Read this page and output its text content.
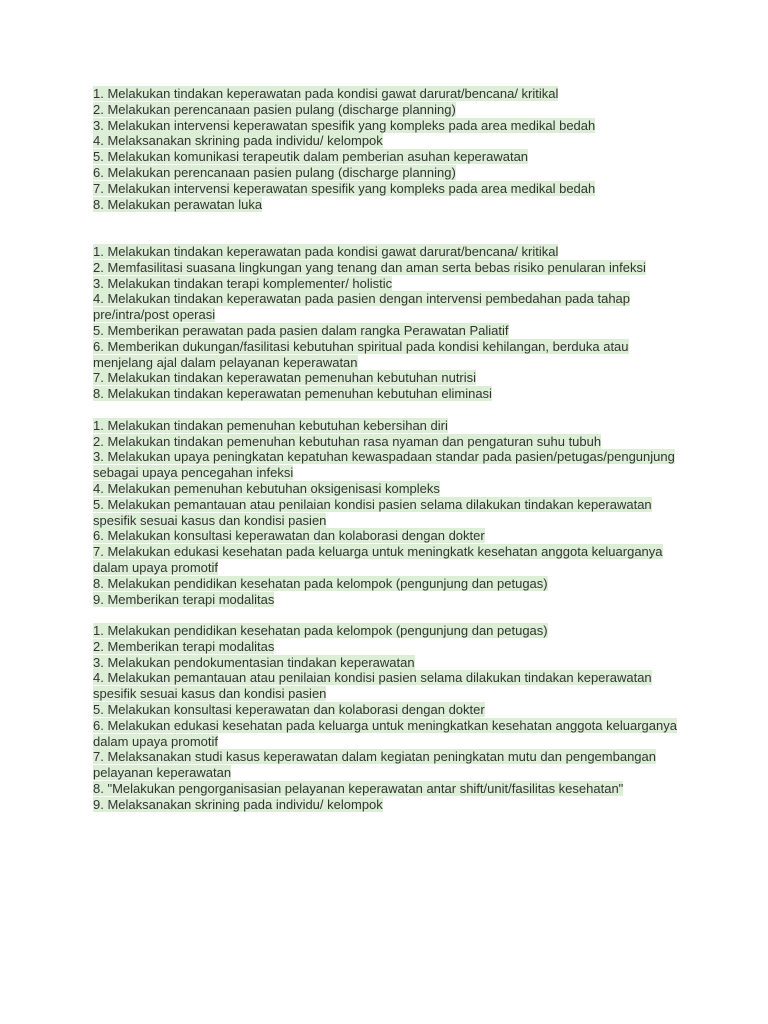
1. Melakukan tindakan keperawatan pada kondisi gawat darurat/bencana/ kritikal
2. Melakukan perencanaan pasien pulang (discharge planning)
3. Melakukan intervensi keperawatan spesifik yang kompleks pada area medikal bedah
4. Melaksanakan skrining pada individu/ kelompok
5. Melakukan komunikasi terapeutik dalam pemberian asuhan keperawatan
6. Melakukan perencanaan pasien pulang (discharge planning)
7. Melakukan intervensi keperawatan spesifik yang kompleks pada area medikal bedah
8. Melakukan perawatan luka
1. Melakukan tindakan keperawatan pada kondisi gawat darurat/bencana/ kritikal
2. Memfasilitasi suasana lingkungan yang tenang dan aman serta bebas risiko penularan infeksi
3. Melakukan tindakan terapi komplementer/ holistic
4. Melakukan tindakan keperawatan pada pasien dengan intervensi pembedahan pada tahap pre/intra/post operasi
5. Memberikan perawatan pada pasien dalam rangka Perawatan Paliatif
6. Memberikan dukungan/fasilitasi kebutuhan spiritual pada kondisi kehilangan, berduka atau menjelang ajal dalam pelayanan keperawatan
7. Melakukan tindakan keperawatan pemenuhan kebutuhan nutrisi
8. Melakukan tindakan keperawatan pemenuhan kebutuhan eliminasi
1. Melakukan tindakan pemenuhan kebutuhan kebersihan diri
2. Melakukan tindakan pemenuhan kebutuhan rasa nyaman dan pengaturan suhu tubuh
3. Melakukan upaya peningkatan kepatuhan kewaspadaan standar pada pasien/petugas/pengunjung sebagai upaya pencegahan infeksi
4. Melakukan pemenuhan kebutuhan oksigenisasi kompleks
5. Melakukan pemantauan atau penilaian kondisi pasien selama dilakukan tindakan keperawatan spesifik sesuai kasus dan kondisi pasien
6. Melakukan konsultasi keperawatan dan kolaborasi dengan dokter
7. Melakukan edukasi kesehatan pada keluarga untuk meningkatk kesehatan anggota keluarganya dalam upaya promotif
8. Melakukan pendidikan kesehatan pada kelompok (pengunjung dan petugas)
9. Memberikan terapi modalitas
1. Melakukan pendidikan kesehatan pada kelompok (pengunjung dan petugas)
2. Memberikan terapi modalitas
3. Melakukan pendokumentasian tindakan keperawatan
4. Melakukan pemantauan atau penilaian kondisi pasien selama dilakukan tindakan keperawatan spesifik sesuai kasus dan kondisi pasien
5. Melakukan konsultasi keperawatan dan kolaborasi dengan dokter
6. Melakukan edukasi kesehatan pada keluarga untuk meningkatkan kesehatan anggota keluarganya dalam upaya promotif
7. Melaksanakan studi kasus keperawatan dalam kegiatan peningkatan mutu dan pengembangan pelayanan keperawatan
8. "Melakukan pengorganisasian pelayanan keperawatan antar shift/unit/fasilitas kesehatan"
9. Melaksanakan skrining pada individu/ kelompok
